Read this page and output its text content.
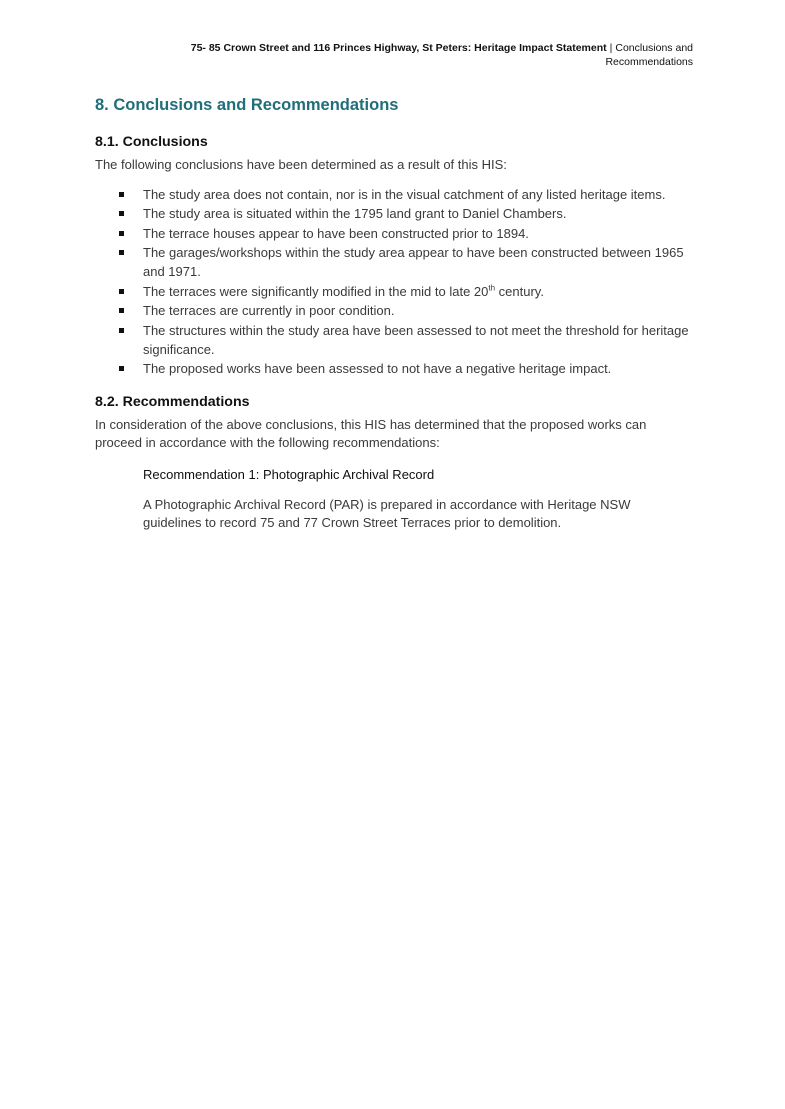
75- 85 Crown Street and 116 Princes Highway, St Peters: Heritage Impact Statement | Conclusions and
Recommendations
8. Conclusions and Recommendations
8.1. Conclusions

The following conclusions have been determined as a result of this HIS:

The study area does not contain, nor is in the visual catchment of any listed heritage items.
The study area is situated within the 1795 land grant to Daniel Chambers.
The terrace houses appear to have been constructed prior to 1894.
The garages/workshops within the study area appear to have been constructed between 1965 and 1971.
The terraces were significantly modified in the mid to late 20th century.
The terraces are currently in poor condition.
The structures within the study area have been assessed to not meet the threshold for heritage significance.
The proposed works have been assessed to not have a negative heritage impact.
8.2. Recommendations

In consideration of the above conclusions, this HIS has determined that the proposed works can proceed in accordance with the following recommendations:

Recommendation 1: Photographic Archival Record

A Photographic Archival Record (PAR) is prepared in accordance with Heritage NSW guidelines to record 75 and 77 Crown Street Terraces prior to demolition.
